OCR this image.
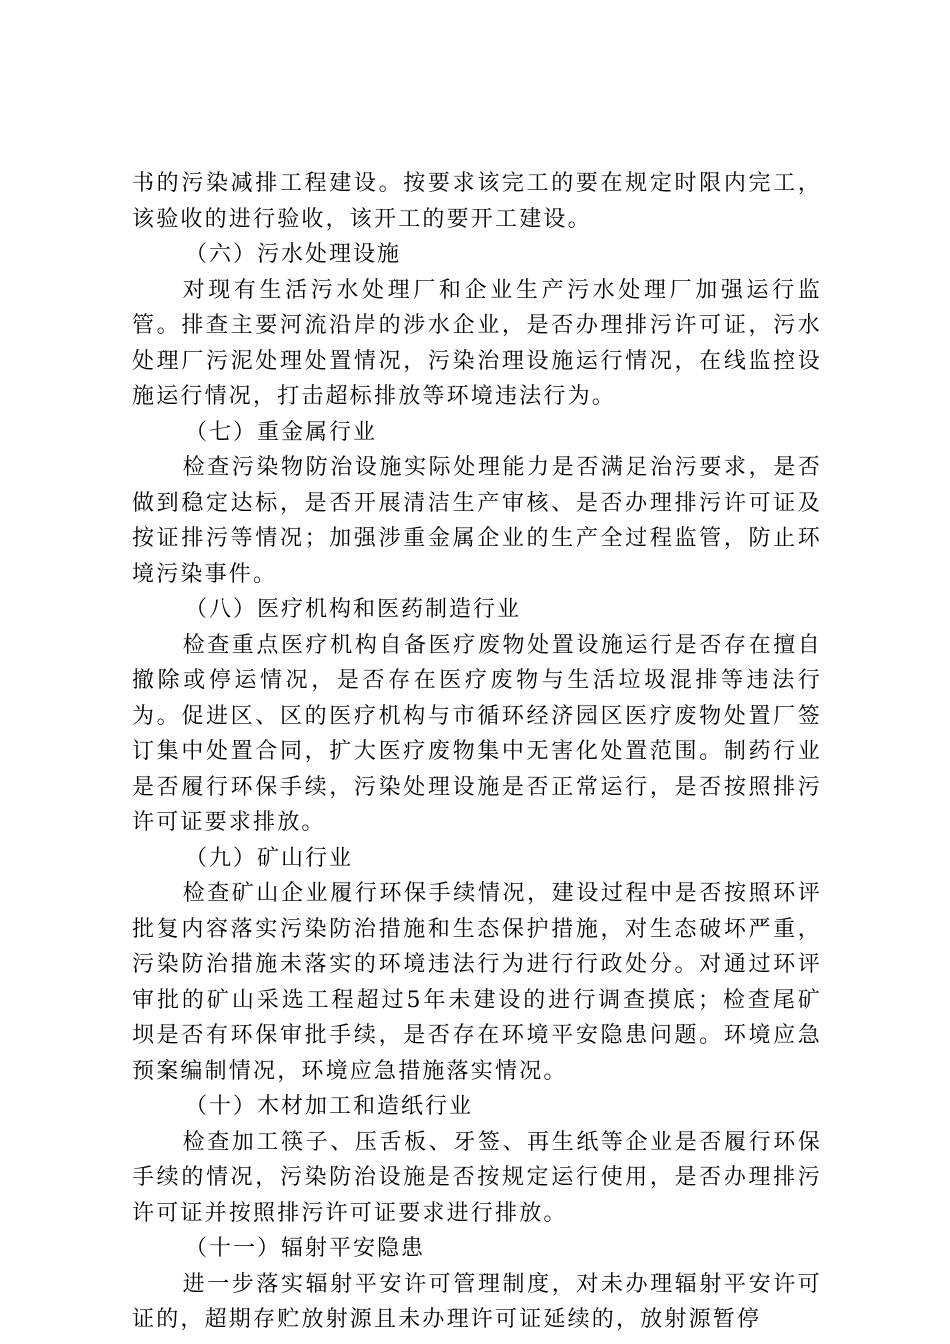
书的污染减排工程建设。按要求该完工的要在规定时限内完工，该验收的进行验收，该开工的要开工建设。

（六）污水处理设施

对现有生活污水处理厂和企业生产污水处理厂加强运行监管。排查主要河流沿岸的涉水企业，是否办理排污许可证，污水处理厂污泥处理处置情况，污染治理设施运行情况，在线监控设施运行情况，打击超标排放等环境违法行为。

（七）重金属行业

检查污染物防治设施实际处理能力是否满足治污要求，是否做到稳定达标，是否开展清洁生产审核、是否办理排污许可证及按证排污等情况；加强涉重金属企业的生产全过程监管，防止环境污染事件。

（八）医疗机构和医药制造行业

检查重点医疗机构自备医疗废物处置设施运行是否存在擅自撤除或停运情况，是否存在医疗废物与生活垃圾混排等违法行为。促进区、区的医疗机构与市循环经济园区医疗废物处置厂签订集中处置合同，扩大医疗废物集中无害化处置范围。制药行业是否履行环保手续，污染处理设施是否正常运行，是否按照排污许可证要求排放。

（九）矿山行业

检查矿山企业履行环保手续情况，建设过程中是否按照环评批复内容落实污染防治措施和生态保护措施，对生态破坏严重，污染防治措施未落实的环境违法行为进行行政处分。对通过环评审批的矿山采选工程超过5年未建设的进行调查摸底；检查尾矿坝是否有环保审批手续，是否存在环境平安隐患问题。环境应急预案编制情况，环境应急措施落实情况。

（十）木材加工和造纸行业

检查加工筷子、压舌板、牙签、再生纸等企业是否履行环保手续的情况，污染防治设施是否按规定运行使用，是否办理排污许可证并按照排污许可证要求进行排放。

（十一）辐射平安隐患

进一步落实辐射平安许可管理制度，对未办理辐射平安许可证的，超期存贮放射源且未办理许可证延续的，放射源暂停
